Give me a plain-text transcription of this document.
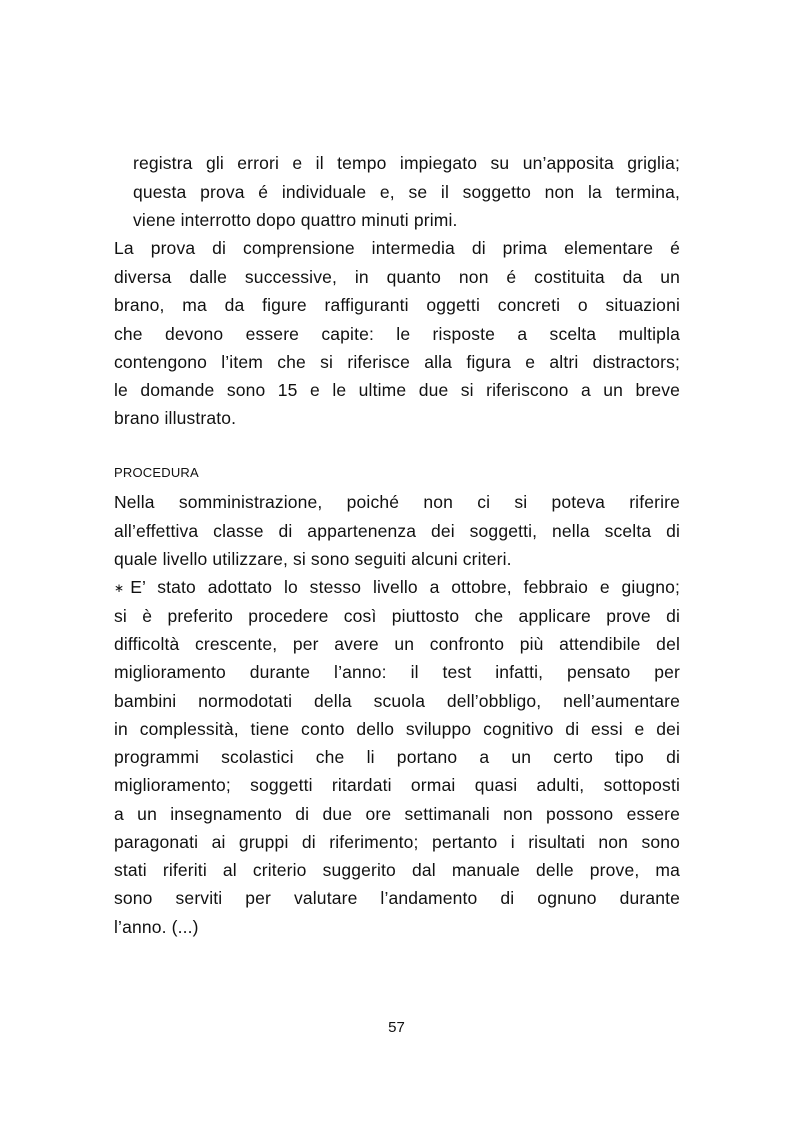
registra gli errori e il tempo impiegato su un’apposita griglia;
questa prova é individuale e, se il soggetto non la termina,
viene interrotto dopo quattro minuti primi.
La prova di comprensione intermedia di prima elementare é
diversa dalle successive, in quanto non é costituita da un
brano, ma da figure raffiguranti oggetti concreti o situazioni
che devono essere capite: le risposte a scelta multipla
contengono l’item che si riferisce alla figura e altri distractors;
le domande sono 15 e le ultime due si riferiscono a un breve
brano illustrato.
PROCEDURA
Nella somministrazione, poiché non ci si poteva riferire
all’effettiva classe di appartenenza dei soggetti, nella scelta di
quale livello utilizzare, si sono seguiti alcuni criteri.
∗ E’ stato adottato lo stesso livello a ottobre, febbraio e giugno;
si è preferito procedere così piuttosto che applicare prove di
difficoltà crescente, per avere un confronto più attendibile del
miglioramento durante l’anno: il test infatti, pensato per
bambini normodotati della scuola dell’obbligo, nell’aumentare
in complessità, tiene conto dello sviluppo cognitivo di essi e dei
programmi scolastici che li portano a un certo tipo di
miglioramento; soggetti ritardati ormai quasi adulti, sottoposti
a un insegnamento di due ore settimanali non possono essere
paragonati ai gruppi di riferimento; pertanto i risultati non sono
stati riferiti al criterio suggerito dal manuale delle prove, ma
sono serviti per valutare l’andamento di ognuno durante
l’anno. (...)
57
